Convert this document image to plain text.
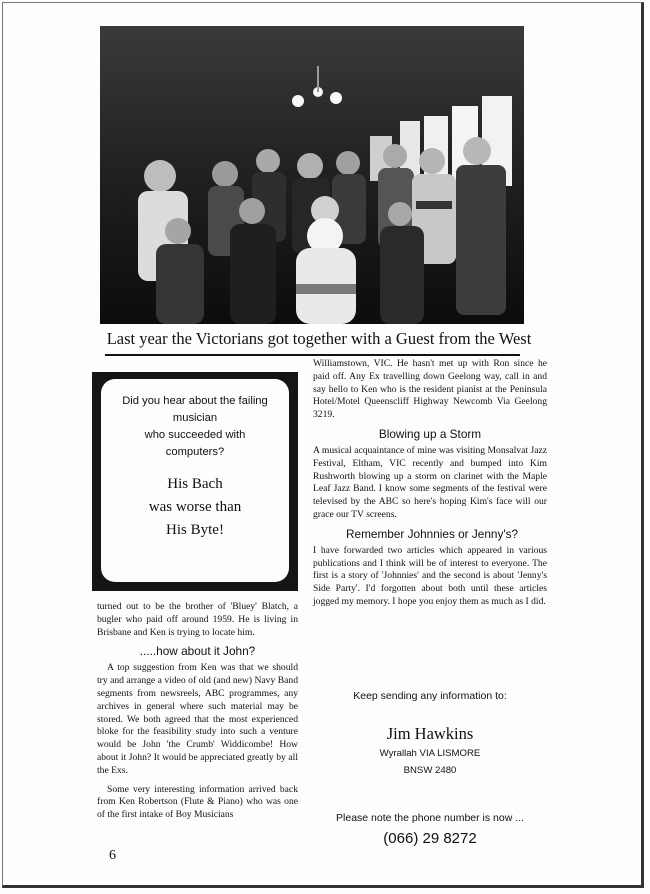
Last year the Victorians got together with a Guest from the West
Did you hear about the failing
musician
who succeeded with
computers?
His Bach
was worse than
His Byte!

turned out to be the brother of 'Bluey' Blatch, a bugler who paid off around 1959. He is living in Brisbane and Ken is trying to locate him.

.....how about it John?

A top suggestion from Ken was that we should try and arrange a video of old (and new) Navy Band segments from newsreels, ABC programmes, any archives in general where such material may be stored. We both agreed that the most experienced bloke for the feasibility study into such a venture would be John 'the Crumb' Widdicombe! How about it John? It would be appreciated greatly by all the Exs.

Some very interesting information arrived back from Ken Robertson (Flute & Piano) who was one of the first intake of Boy Musicians

Williamstown, VIC. He hasn't met up with Ron since he paid off. Any Ex travelling down Geelong way, call in and say hello to Ken who is the resident pianist at the Peninsula Hotel/Motel Queenscliff Highway Newcomb Via Geelong 3219.

Blowing up a Storm

A musical acquaintance of mine was visiting Monsalvat Jazz Festival, Eltham, VIC recently and bumped into Kim Rushworth blowing up a storm on clarinet with the Maple Leaf Jazz Band. I know some segments of the festival were televised by the ABC so here's hoping Kim's face will our grace our TV screens.

Remember Johnnies or Jenny's?

I have forwarded two articles which appeared in various publications and I think will be of interest to everyone. The first is a story of 'Johnnies' and the second is about 'Jenny's Side Party'. I'd forgotten about both until these articles jogged my memory. I hope you enjoy them as much as I did.

Keep sending any information to:
Jim Hawkins
Wyrallah VIA LISMORE
BNSW 2480
Please note the phone number is now ...
(066) 29 8272
6
